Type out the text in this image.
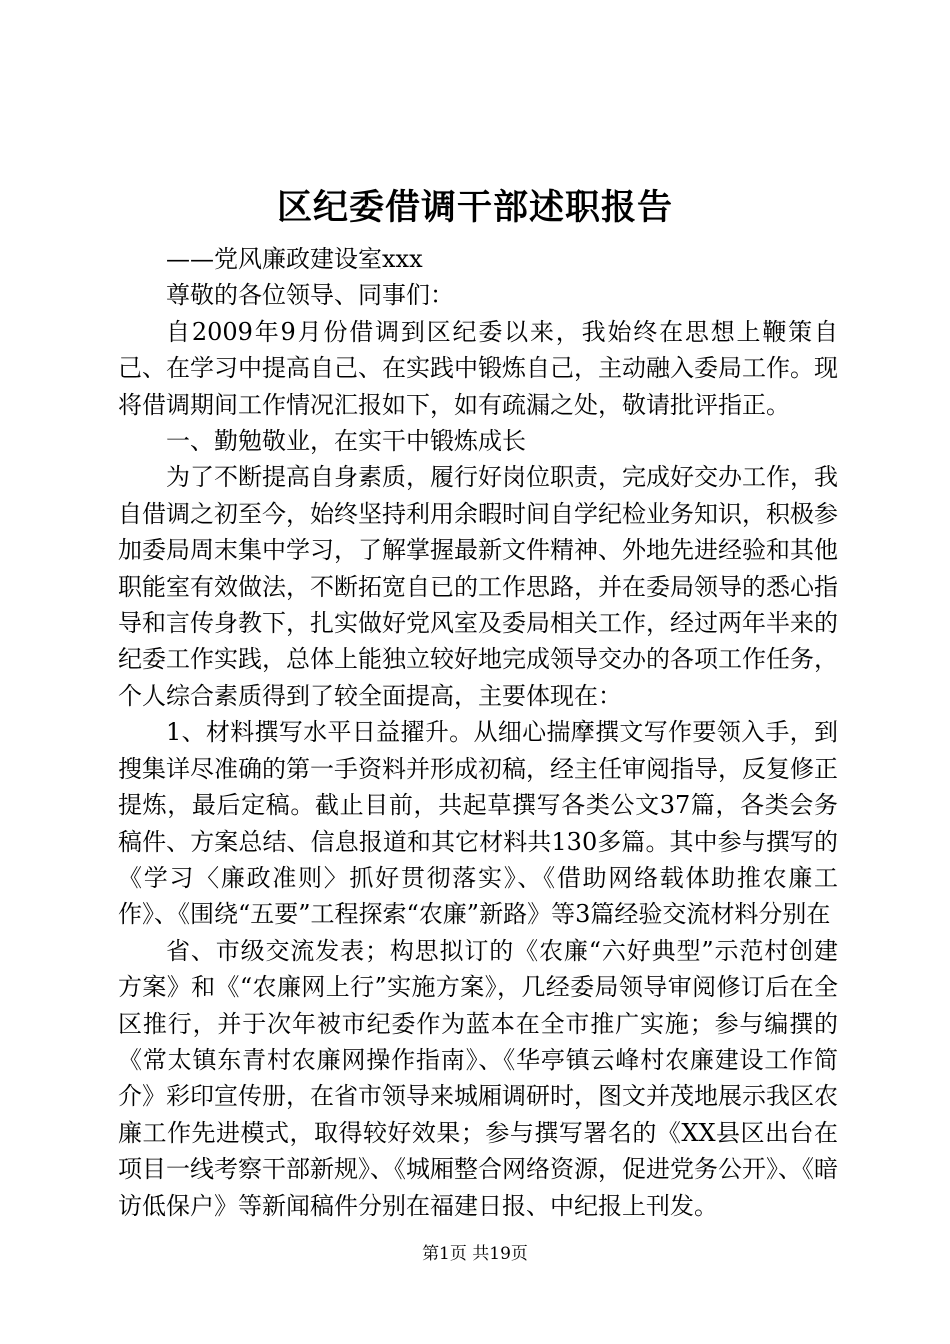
区纪委借调干部述职报告

——党风廉政建设室xxx

尊敬的各位领导、同事们：

自2009年9月份借调到区纪委以来，我始终在思想上鞭策自己、在学习中提高自己、在实践中锻炼自己，主动融入委局工作。现将借调期间工作情况汇报如下，如有疏漏之处，敬请批评指正。

一、勤勉敬业，在实干中锻炼成长

为了不断提高自身素质，履行好岗位职责，完成好交办工作，我自借调之初至今，始终坚持利用余暇时间自学纪检业务知识，积极参加委局周末集中学习，了解掌握最新文件精神、外地先进经验和其他职能室有效做法，不断拓宽自已的工作思路，并在委局领导的悉心指导和言传身教下，扎实做好党风室及委局相关工作，经过两年半来的纪委工作实践，总体上能独立较好地完成领导交办的各项工作任务，个人综合素质得到了较全面提高，主要体现在：

1、材料撰写水平日益擢升。从细心揣摩撰文写作要领入手，到搜集详尽准确的第一手资料并形成初稿，经主任审阅指导，反复修正提炼，最后定稿。截止目前，共起草撰写各类公文37篇，各类会务稿件、方案总结、信息报道和其它材料共130多篇。其中参与撰写的《学习〈廉政准则〉抓好贯彻落实》、《借助网络载体助推农廉工作》、《围绕“五要”工程探索“农廉”新路》等3篇经验交流材料分别在

省、市级交流发表；构思拟订的《农廉“六好典型”示范村创建方案》和《“农廉网上行”实施方案》，几经委局领导审阅修订后在全区推行，并于次年被市纪委作为蓝本在全市推广实施；参与编撰的《常太镇东青村农廉网操作指南》、《华亭镇云峰村农廉建设工作简介》彩印宣传册，在省市领导来城厢调研时，图文并茂地展示我区农廉工作先进模式，取得较好效果；参与撰写署名的《XX县区出台在项目一线考察干部新规》、《城厢整合网络资源，促进党务公开》、《暗访低保户》等新闻稿件分别在福建日报、中纪报上刊发。

第1页 共19页
